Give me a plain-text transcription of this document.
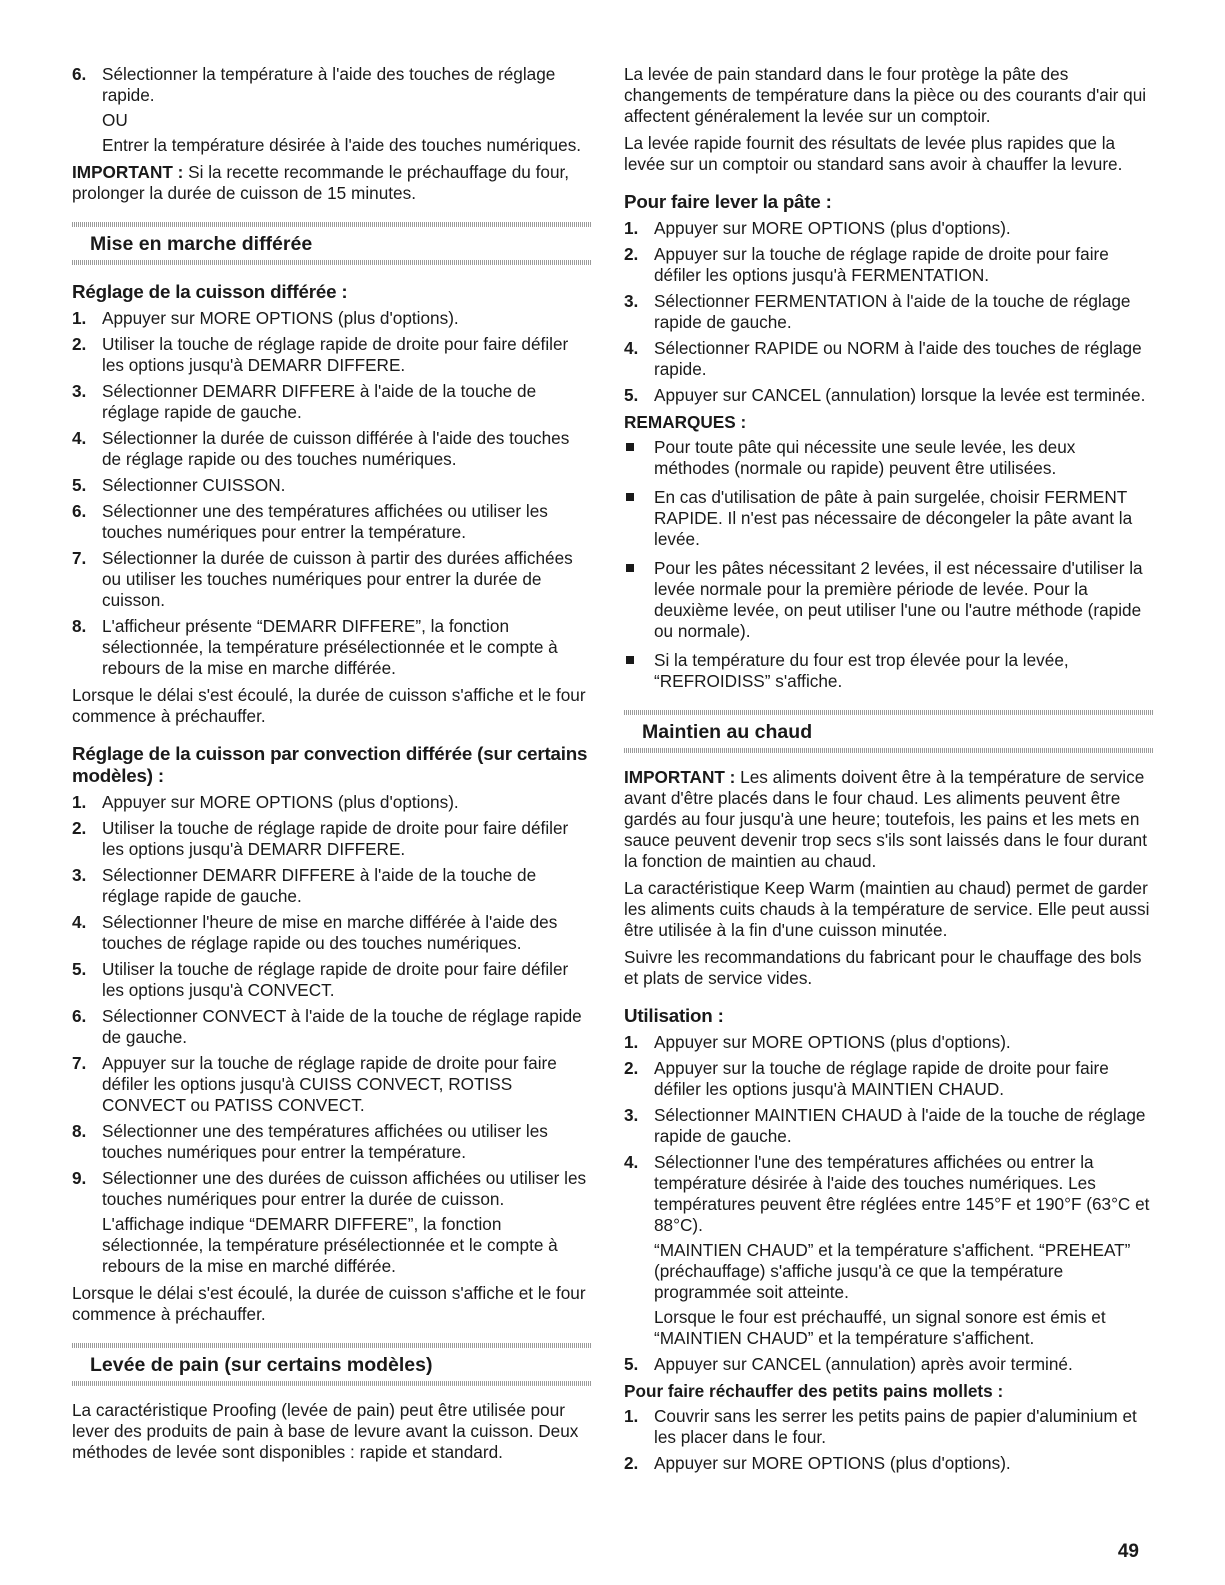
6. Sélectionner la température à l'aide des touches de réglage rapide.
OU
Entrer la température désirée à l'aide des touches numériques.

IMPORTANT : Si la recette recommande le préchauffage du four, prolonger la durée de cuisson de 15 minutes.

Mise en marche différée
Réglage de la cuisson différée :
1. Appuyer sur MORE OPTIONS (plus d'options).
2. Utiliser la touche de réglage rapide de droite pour faire défiler les options jusqu'à DEMARR DIFFERE.
3. Sélectionner DEMARR DIFFERE à l'aide de la touche de réglage rapide de gauche.
4. Sélectionner la durée de cuisson différée à l'aide des touches de réglage rapide ou des touches numériques.
5. Sélectionner CUISSON.
6. Sélectionner une des températures affichées ou utiliser les touches numériques pour entrer la température.
7. Sélectionner la durée de cuisson à partir des durées affichées ou utiliser les touches numériques pour entrer la durée de cuisson.
8. L'afficheur présente “DEMARR DIFFERE”, la fonction sélectionnée, la température présélectionnée et le compte à rebours de la mise en marche différée.

Lorsque le délai s'est écoulé, la durée de cuisson s'affiche et le four commence à préchauffer.

Réglage de la cuisson par convection différée (sur certains modèles) :
1. Appuyer sur MORE OPTIONS (plus d'options).
2. Utiliser la touche de réglage rapide de droite pour faire défiler les options jusqu'à DEMARR DIFFERE.
3. Sélectionner DEMARR DIFFERE à l'aide de la touche de réglage rapide de gauche.
4. Sélectionner l'heure de mise en marche différée à l'aide des touches de réglage rapide ou des touches numériques.
5. Utiliser la touche de réglage rapide de droite pour faire défiler les options jusqu'à CONVECT.
6. Sélectionner CONVECT à l'aide de la touche de réglage rapide de gauche.
7. Appuyer sur la touche de réglage rapide de droite pour faire défiler les options jusqu'à CUISS CONVECT, ROTISS CONVECT ou PATISS CONVECT.
8. Sélectionner une des températures affichées ou utiliser les touches numériques pour entrer la température.
9. Sélectionner une des durées de cuisson affichées ou utiliser les touches numériques pour entrer la durée de cuisson.
L'affichage indique “DEMARR DIFFERE”, la fonction sélectionnée, la température présélectionnée et le compte à rebours de la mise en marché différée.

Lorsque le délai s'est écoulé, la durée de cuisson s'affiche et le four commence à préchauffer.

Levée de pain (sur certains modèles)

La caractéristique Proofing (levée de pain) peut être utilisée pour lever des produits de pain à base de levure avant la cuisson. Deux méthodes de levée sont disponibles : rapide et standard.

La levée de pain standard dans le four protège la pâte des changements de température dans la pièce ou des courants d'air qui affectent généralement la levée sur un comptoir.

La levée rapide fournit des résultats de levée plus rapides que la levée sur un comptoir ou standard sans avoir à chauffer la levure.

Pour faire lever la pâte :
1. Appuyer sur MORE OPTIONS (plus d'options).
2. Appuyer sur la touche de réglage rapide de droite pour faire défiler les options jusqu'à FERMENTATION.
3. Sélectionner FERMENTATION à l'aide de la touche de réglage rapide de gauche.
4. Sélectionner RAPIDE ou NORM à l'aide des touches de réglage rapide.
5. Appuyer sur CANCEL (annulation) lorsque la levée est terminée.
REMARQUES :
Pour toute pâte qui nécessite une seule levée, les deux méthodes (normale ou rapide) peuvent être utilisées.
En cas d'utilisation de pâte à pain surgelée, choisir FERMENT RAPIDE. Il n'est pas nécessaire de décongeler la pâte avant la levée.
Pour les pâtes nécessitant 2 levées, il est nécessaire d'utiliser la levée normale pour la première période de levée. Pour la deuxième levée, on peut utiliser l'une ou l'autre méthode (rapide ou normale).
Si la température du four est trop élevée pour la levée, “REFROIDISS” s'affiche.
Maintien au chaud

IMPORTANT : Les aliments doivent être à la température de service avant d'être placés dans le four chaud. Les aliments peuvent être gardés au four jusqu'à une heure; toutefois, les pains et les mets en sauce peuvent devenir trop secs s'ils sont laissés dans le four durant la fonction de maintien au chaud.

La caractéristique Keep Warm (maintien au chaud) permet de garder les aliments cuits chauds à la température de service. Elle peut aussi être utilisée à la fin d'une cuisson minutée.

Suivre les recommandations du fabricant pour le chauffage des bols et plats de service vides.

Utilisation :
1. Appuyer sur MORE OPTIONS (plus d'options).
2. Appuyer sur la touche de réglage rapide de droite pour faire défiler les options jusqu'à MAINTIEN CHAUD.
3. Sélectionner MAINTIEN CHAUD à l'aide de la touche de réglage rapide de gauche.
4. Sélectionner l'une des températures affichées ou entrer la température désirée à l'aide des touches numériques. Les températures peuvent être réglées entre 145°F et 190°F (63°C et 88°C).
“MAINTIEN CHAUD” et la température s'affichent. “PREHEAT” (préchauffage) s'affiche jusqu'à ce que la température programmée soit atteinte.
Lorsque le four est préchauffé, un signal sonore est émis et “MAINTIEN CHAUD” et la température s'affichent.
5. Appuyer sur CANCEL (annulation) après avoir terminé.
Pour faire réchauffer des petits pains mollets :
1. Couvrir sans les serrer les petits pains de papier d'aluminium et les placer dans le four.
2. Appuyer sur MORE OPTIONS (plus d'options).
49
